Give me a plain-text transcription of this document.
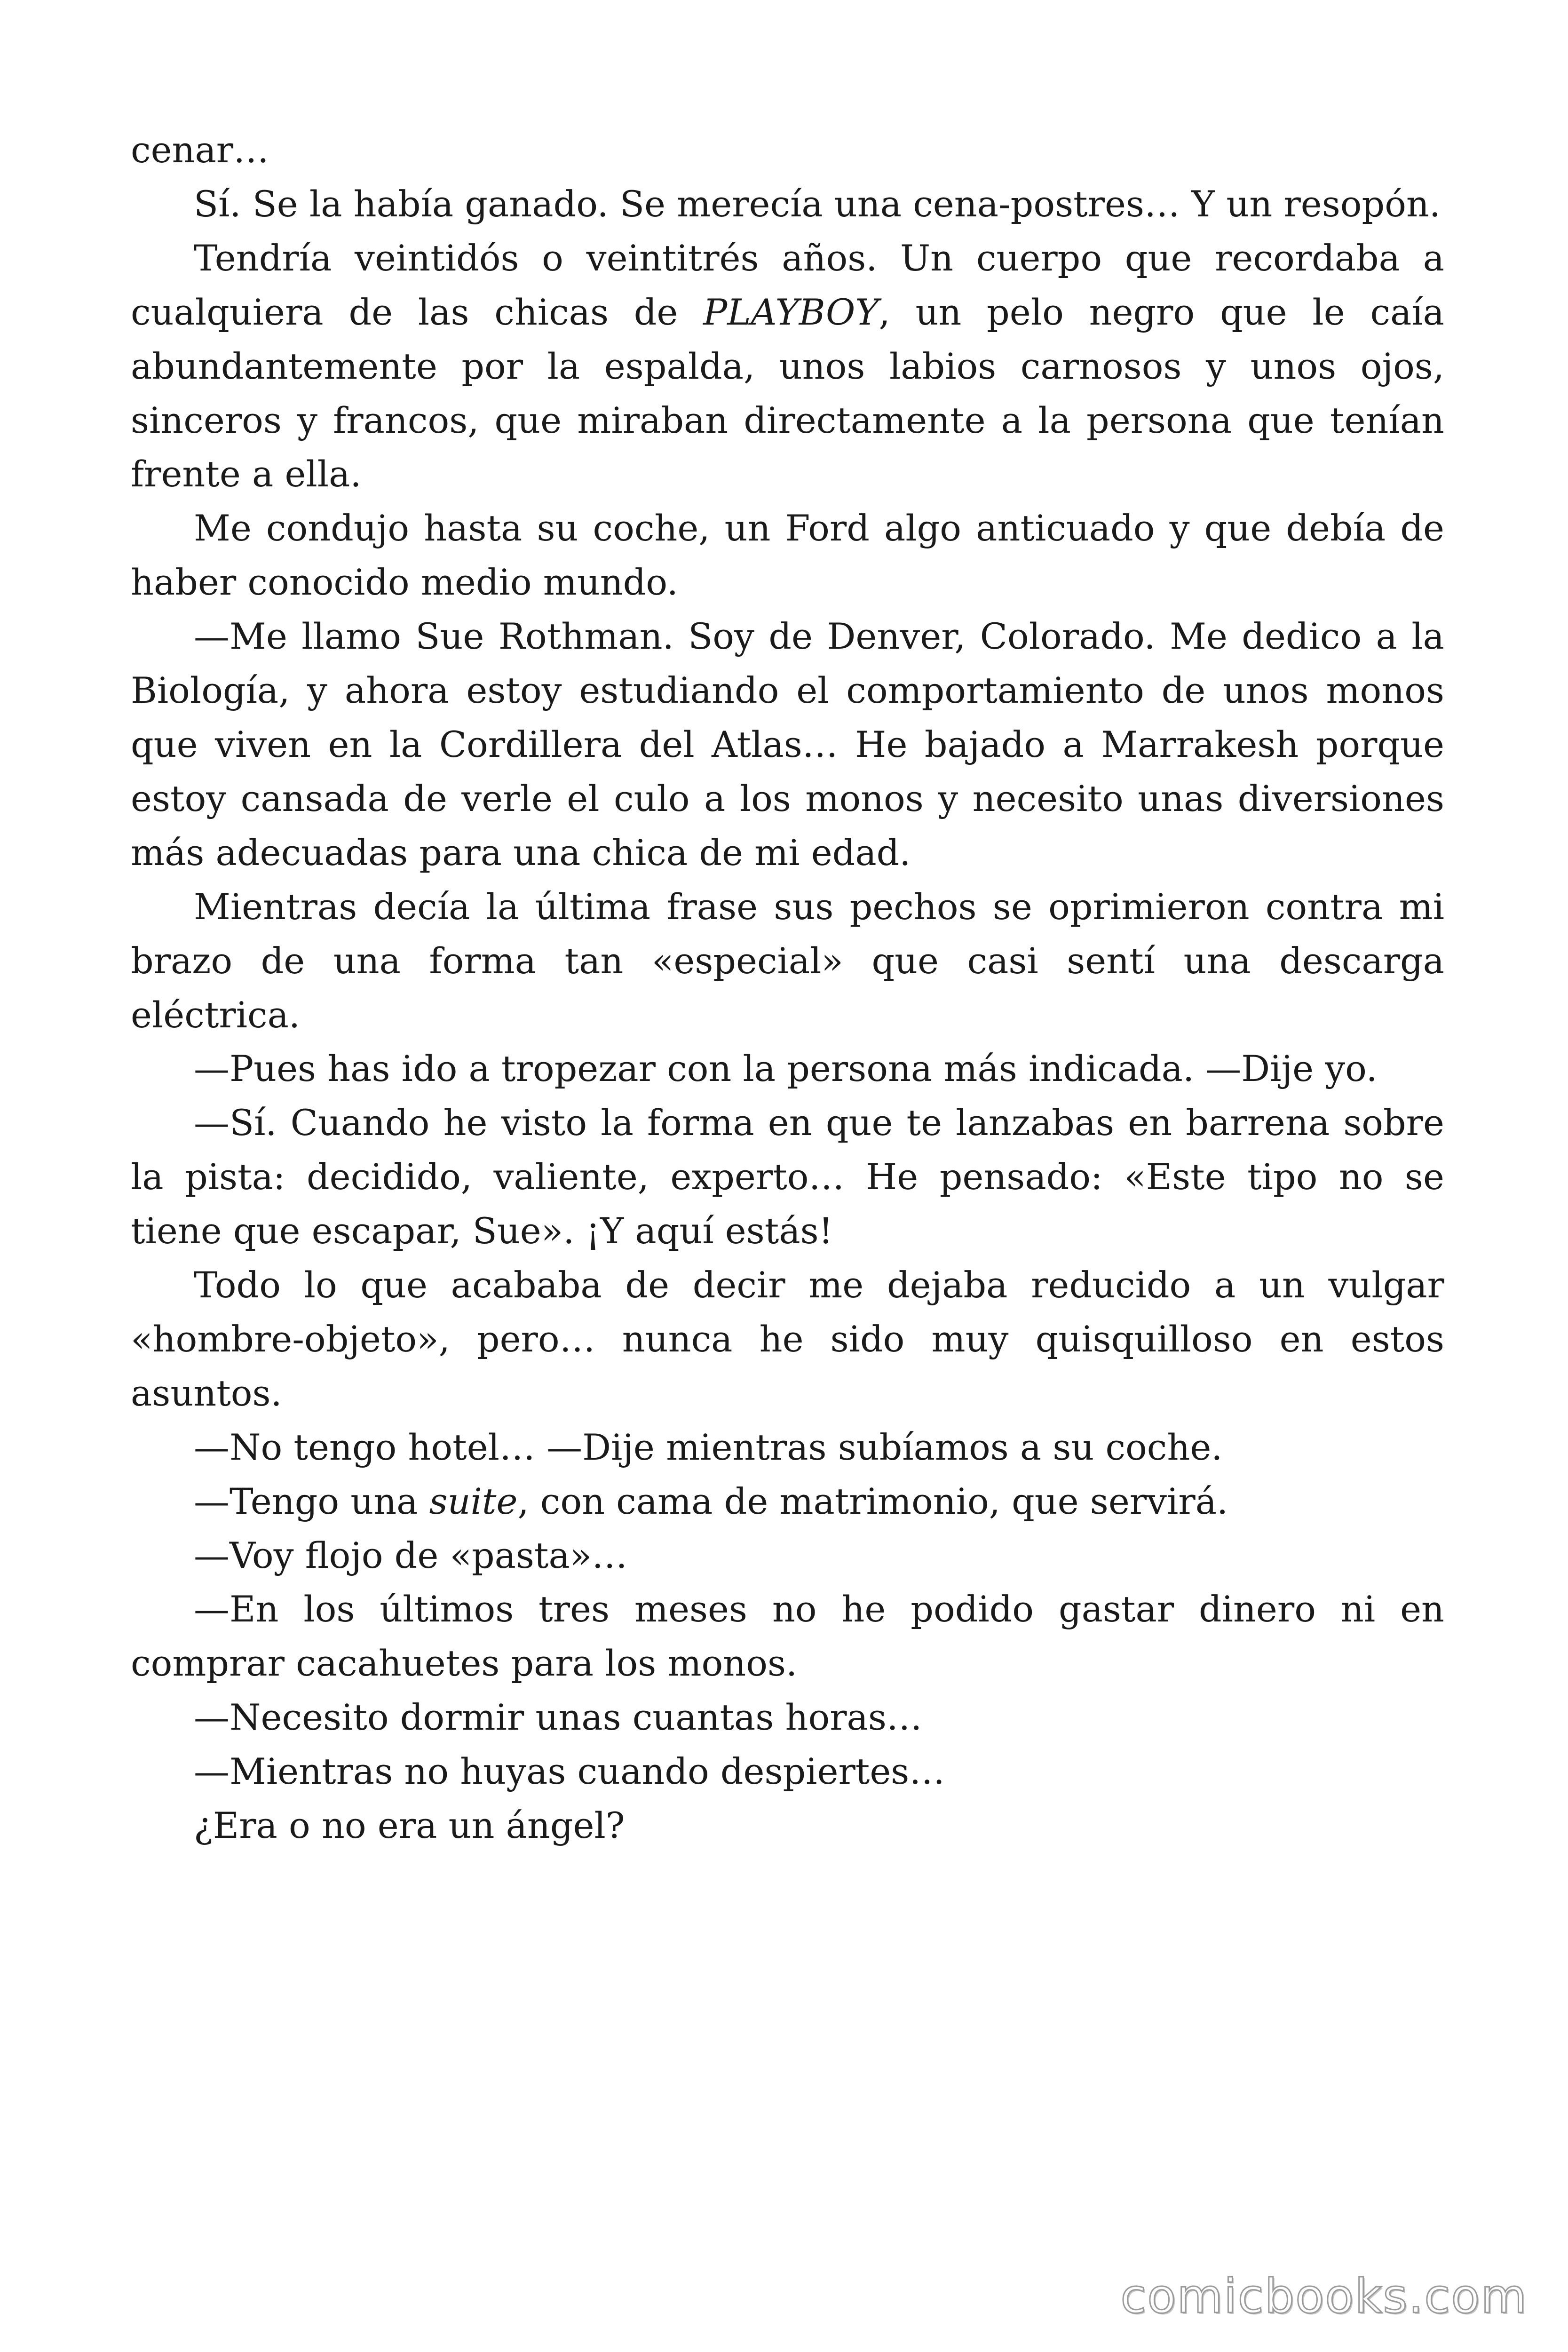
cenar…

Sí. Se la había ganado. Se merecía una cena-postres… Y un resopón.

Tendría veintidós o veintitrés años. Un cuerpo que recordaba a cualquiera de las chicas de PLAYBOY, un pelo negro que le caía abundantemente por la espalda, unos labios carnosos y unos ojos, sinceros y francos, que miraban directamente a la persona que tenían frente a ella.

Me condujo hasta su coche, un Ford algo anticuado y que debía de haber conocido medio mundo.

—Me llamo Sue Rothman. Soy de Denver, Colorado. Me dedico a la Biología, y ahora estoy estudiando el comportamiento de unos monos que viven en la Cordillera del Atlas… He bajado a Marrakesh porque estoy cansada de verle el culo a los monos y necesito unas diversiones más adecuadas para una chica de mi edad.

Mientras decía la última frase sus pechos se oprimieron contra mi brazo de una forma tan «especial» que casi sentí una descarga eléctrica.

—Pues has ido a tropezar con la persona más indicada. —Dije yo.

—Sí. Cuando he visto la forma en que te lanzabas en barrena sobre la pista: decidido, valiente, experto… He pensado: «Este tipo no se tiene que escapar, Sue». ¡Y aquí estás!

Todo lo que acababa de decir me dejaba reducido a un vulgar «hombre-objeto», pero… nunca he sido muy quisquilloso en estos asuntos.

—No tengo hotel… —Dije mientras subíamos a su coche.

—Tengo una suite, con cama de matrimonio, que servirá.

—Voy flojo de «pasta»…

—En los últimos tres meses no he podido gastar dinero ni en comprar cacahuetes para los monos.

—Necesito dormir unas cuantas horas…

—Mientras no huyas cuando despiertes…

¿Era o no era un ángel?

comicbooks.com
